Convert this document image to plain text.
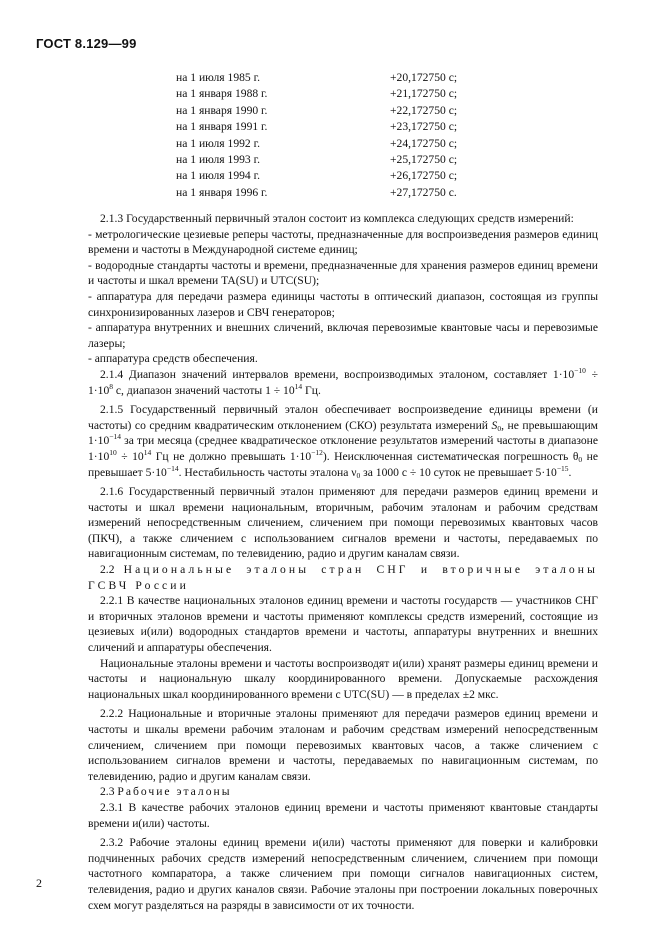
ГОСТ 8.129—99
на 1 июля 1985 г.	+20,172750 с;
на 1 января 1988 г.	+21,172750 с;
на 1 января 1990 г.	+22,172750 с;
на 1 января 1991 г.	+23,172750 с;
на 1 июля 1992 г.	+24,172750 с;
на 1 июля 1993 г.	+25,172750 с;
на 1 июля 1994 г.	+26,172750 с;
на 1 января 1996 г.	+27,172750 с.

2.1.3 Государственный первичный эталон состоит из комплекса следующих средств измерений:

- метрологические цезиевые реперы частоты, предназначенные для воспроизведения размеров единиц времени и частоты в Международной системе единиц;

- водородные стандарты частоты и времени, предназначенные для хранения размеров единиц времени и частоты и шкал времени TA(SU) и UTC(SU);

- аппаратура для передачи размера единицы частоты в оптический диапазон, состоящая из группы синхронизированных лазеров и СВЧ генераторов;

- аппаратура внутренних и внешних сличений, включая перевозимые квантовые часы и перевозимые лазеры;

- аппаратура средств обеспечения.

2.1.4 Диапазон значений интервалов времени, воспроизводимых эталоном, составляет $1\cdot 10^{-10} \div 1\cdot 10^8$ с, диапазон значений частоты $1 \div 10^{14}$ Гц.

2.1.5 Государственный первичный эталон обеспечивает воспроизведение единицы времени (и частоты) со средним квадратическим отклонением (СКО) результата измерений $S_0$, не превышающим $1\cdot 10^{-14}$ за три месяца (среднее квадратическое отклонение результатов измерений частоты в диапазоне $1\cdot 10^{10} \div 10^{14}$ Гц не должно превышать $1\cdot 10^{-12}$). Неисключенная систематическая погрешность $\theta_0$ не превышает $5\cdot 10^{-14}$. Нестабильность частоты эталона $\nu_0$ за 1000 с ÷ 10 суток не превышает $5\cdot 10^{-15}$.

2.1.6 Государственный первичный эталон применяют для передачи размеров единиц времени и частоты и шкал времени национальным, вторичным, рабочим эталонам и рабочим средствам измерений непосредственным сличением, сличением при помощи перевозимых квантовых часов (ПКЧ), а также сличением с использованием сигналов времени и частоты, передаваемых по навигационным системам, по телевидению, радио и другим каналам связи.

2.2 Национальные эталоны стран СНГ и вторичные эталоны ГСВЧ России

2.2.1 В качестве национальных эталонов единиц времени и частоты государств — участников СНГ и вторичных эталонов времени и частоты применяют комплексы средств измерений, состоящие из цезиевых и(или) водородных стандартов времени и частоты, аппаратуры внутренних и внешних сличений и аппаратуры обеспечения.

Национальные эталоны времени и частоты воспроизводят и(или) хранят размеры единиц времени и частоты и национальную шкалу координированного времени. Допускаемые расхождения национальных шкал координированного времени с UTC(SU) — в пределах ±2 мкс.

2.2.2 Национальные и вторичные эталоны применяют для передачи размеров единиц времени и частоты и шкалы времени рабочим эталонам и рабочим средствам измерений непосредственным сличением, сличением при помощи перевозимых квантовых часов, а также сличением с использованием сигналов времени и частоты, передаваемых по навигационным системам, по телевидению, радио и другим каналам связи.

2.3 Рабочие эталоны

2.3.1 В качестве рабочих эталонов единиц времени и частоты применяют квантовые стандарты времени и(или) частоты.

2.3.2 Рабочие эталоны единиц времени и(или) частоты применяют для поверки и калибровки подчиненных рабочих средств измерений непосредственным сличением, сличением при помощи частотного компаратора, а также сличением при помощи сигналов навигационных систем, телевидения, радио и других каналов связи. Рабочие эталоны при построении локальных поверочных схем могут разделяться на разряды в зависимости от их точности.

2
